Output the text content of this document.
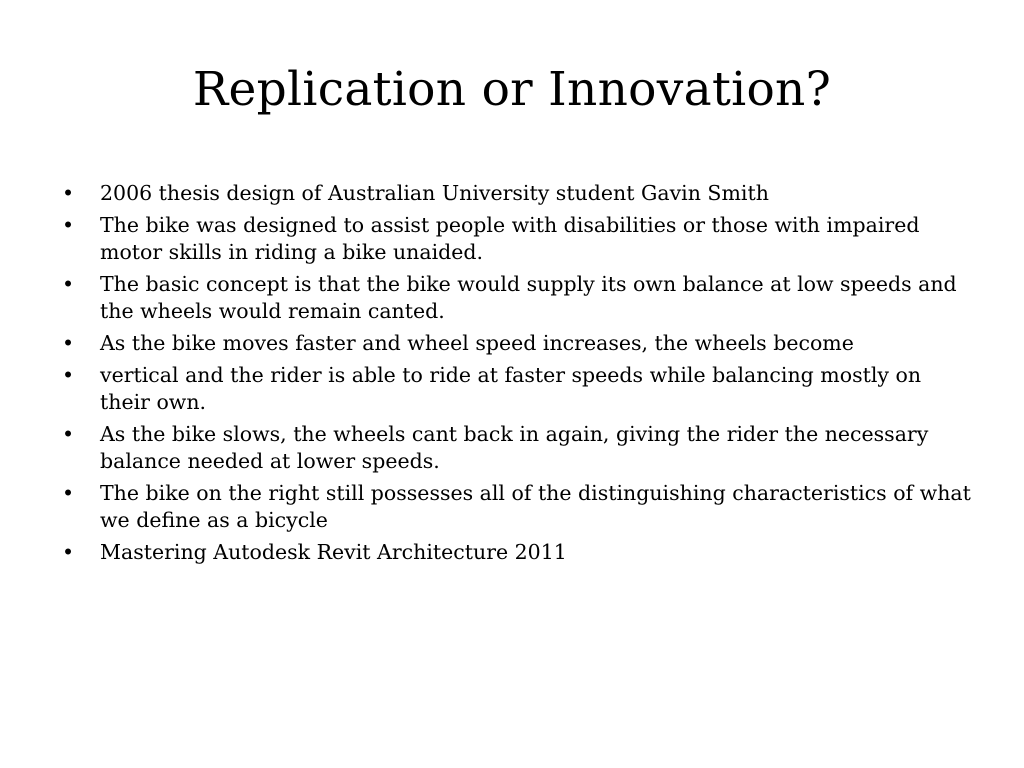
Replication or Innovation?
•	2006 thesis design of Australian University student Gavin Smith
•	The bike was designed to assist people with disabilities or those with impaired motor skills in riding a bike unaided.
•	The basic concept is that the bike would supply its own balance at low speeds and the wheels would remain canted.
•	As the bike moves faster and wheel speed increases, the wheels become
•	vertical and the rider is able to ride at faster speeds while balancing mostly on their own.
•	As the bike slows, the wheels cant back in again, giving the rider the necessary balance needed at lower speeds.
•	The bike on the right still possesses all of the distinguishing characteristics of what we define as a bicycle
•	Mastering Autodesk Revit Architecture 2011
